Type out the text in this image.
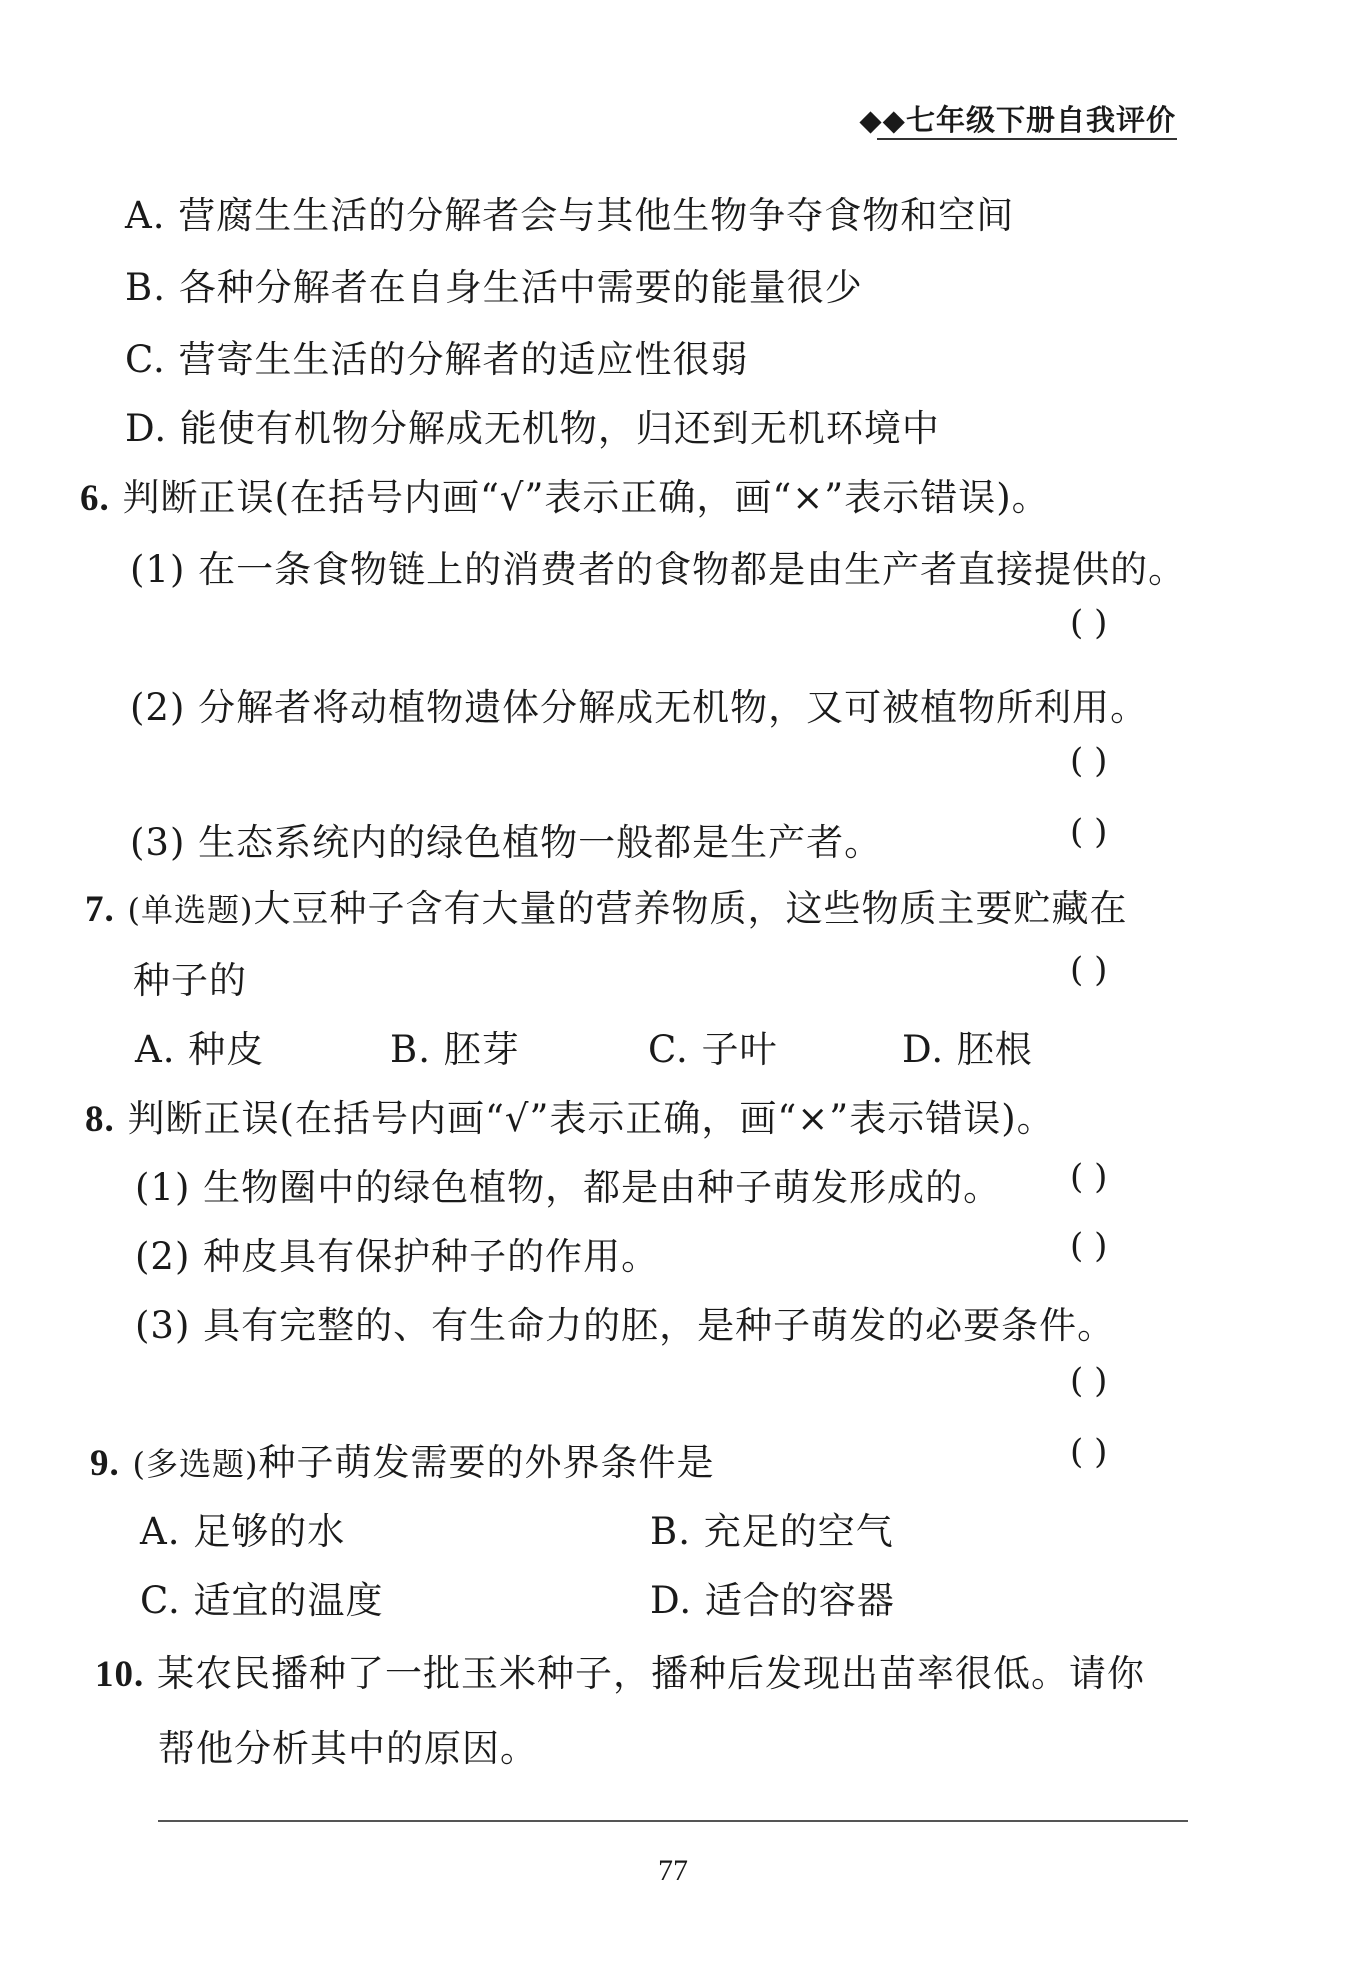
◆◆七年级下册自我评价
A. 营腐生生活的分解者会与其他生物争夺食物和空间
B. 各种分解者在自身生活中需要的能量很少
C. 营寄生生活的分解者的适应性很弱
D. 能使有机物分解成无机物，归还到无机环境中
6. 判断正误(在括号内画“√”表示正确，画“×”表示错误)。
(1) 在一条食物链上的消费者的食物都是由生产者直接提供的。
( )
(2) 分解者将动植物遗体分解成无机物，又可被植物所利用。
( )
(3) 生态系统内的绿色植物一般都是生产者。	( )
7. (单选题)大豆种子含有大量的营养物质，这些物质主要贮藏在
种子的	( )
A. 种皮	B. 胚芽	C. 子叶	D. 胚根
8. 判断正误(在括号内画“√”表示正确，画“×”表示错误)。
(1) 生物圈中的绿色植物，都是由种子萌发形成的。 ( )
(2) 种皮具有保护种子的作用。	( )
(3) 具有完整的、有生命力的胚，是种子萌发的必要条件。
( )
9. (多选题)种子萌发需要的外界条件是	( )
A. 足够的水	B. 充足的空气
C. 适宜的温度	D. 适合的容器
10. 某农民播种了一批玉米种子，播种后发现出苗率很低。请你
帮他分析其中的原因。
77
